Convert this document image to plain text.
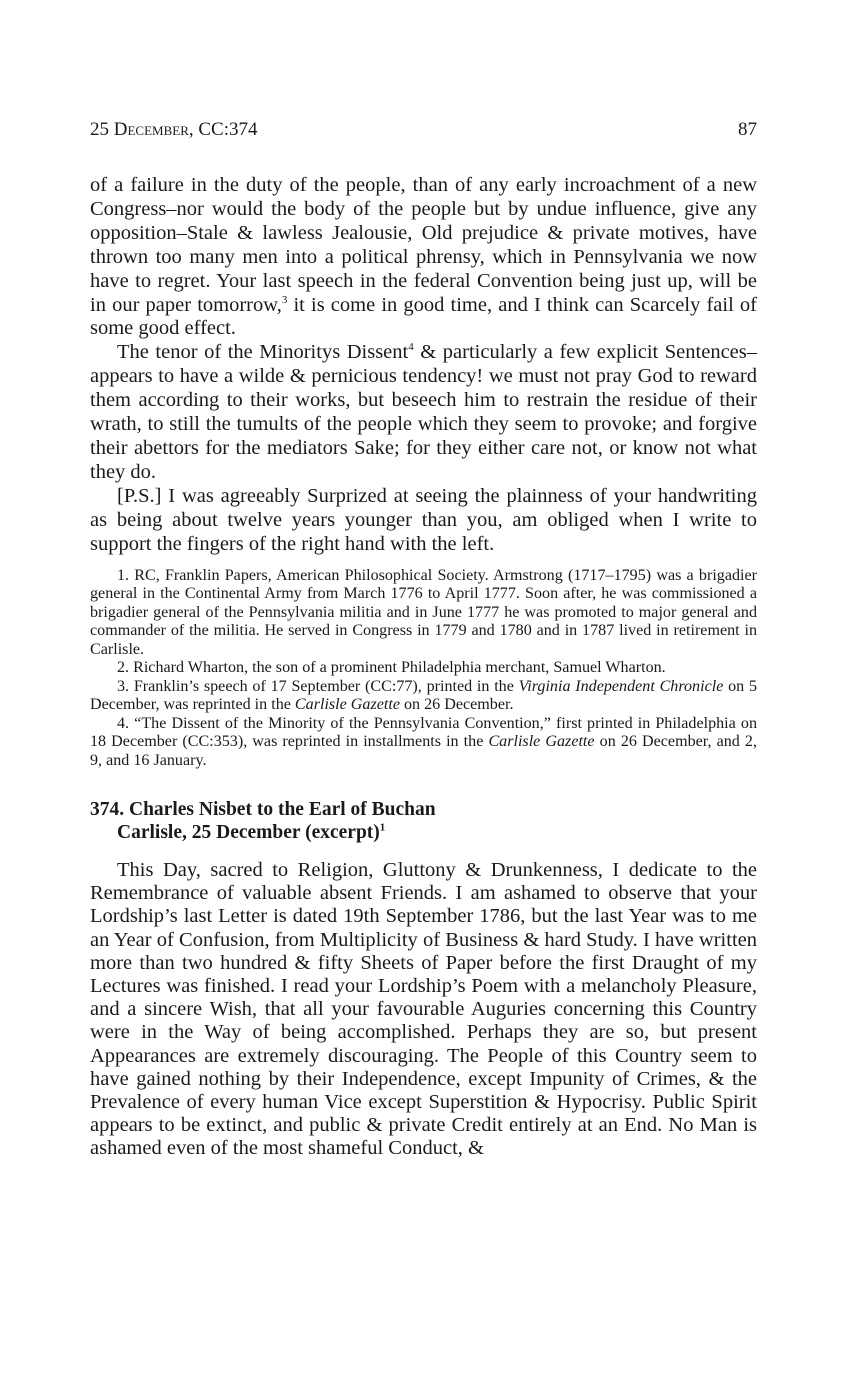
25 December, CC:374	87

of a failure in the duty of the people, than of any early incroachment of a new Congress–nor would the body of the people but by undue influence, give any opposition–Stale & lawless Jealousie, Old prejudice & private motives, have thrown too many men into a political phrensy, which in Pennsylvania we now have to regret. Your last speech in the federal Convention being just up, will be in our paper tomorrow,$^3$ it is come in good time, and I think can Scarcely fail of some good effect.

The tenor of the Minoritys Dissent$^4$ & particularly a few explicit Sentences–appears to have a wilde & pernicious tendency! we must not pray God to reward them according to their works, but beseech him to restrain the residue of their wrath, to still the tumults of the people which they seem to provoke; and forgive their abettors for the mediators Sake; for they either care not, or know not what they do.

[P.S.] I was agreeably Surprized at seeing the plainness of your handwriting as being about twelve years younger than you, am obliged when I write to support the fingers of the right hand with the left.

1. RC, Franklin Papers, American Philosophical Society. Armstrong (1717–1795) was a brigadier general in the Continental Army from March 1776 to April 1777. Soon after, he was commissioned a brigadier general of the Pennsylvania militia and in June 1777 he was promoted to major general and commander of the militia. He served in Congress in 1779 and 1780 and in 1787 lived in retirement in Carlisle.

2. Richard Wharton, the son of a prominent Philadelphia merchant, Samuel Wharton.

3. Franklin’s speech of 17 September (CC:77), printed in the Virginia Independent Chronicle on 5 December, was reprinted in the Carlisle Gazette on 26 December.

4. “The Dissent of the Minority of the Pennsylvania Convention,” first printed in Philadelphia on 18 December (CC:353), was reprinted in installments in the Carlisle Gazette on 26 December, and 2, 9, and 16 January.

374. Charles Nisbet to the Earl of Buchan
Carlisle, 25 December (excerpt)$^1$

This Day, sacred to Religion, Gluttony & Drunkenness, I dedicate to the Remembrance of valuable absent Friends. I am ashamed to observe that your Lordship’s last Letter is dated 19th September 1786, but the last Year was to me an Year of Confusion, from Multiplicity of Business & hard Study. I have written more than two hundred & fifty Sheets of Paper before the first Draught of my Lectures was finished. I read your Lordship’s Poem with a melancholy Pleasure, and a sincere Wish, that all your favourable Auguries concerning this Country were in the Way of being accomplished. Perhaps they are so, but present Appearances are extremely discouraging. The People of this Country seem to have gained nothing by their Independence, except Impunity of Crimes, & the Prevalence of every human Vice except Superstition & Hypocrisy. Public Spirit appears to be extinct, and public & private Credit entirely at an End. No Man is ashamed even of the most shameful Conduct, &
